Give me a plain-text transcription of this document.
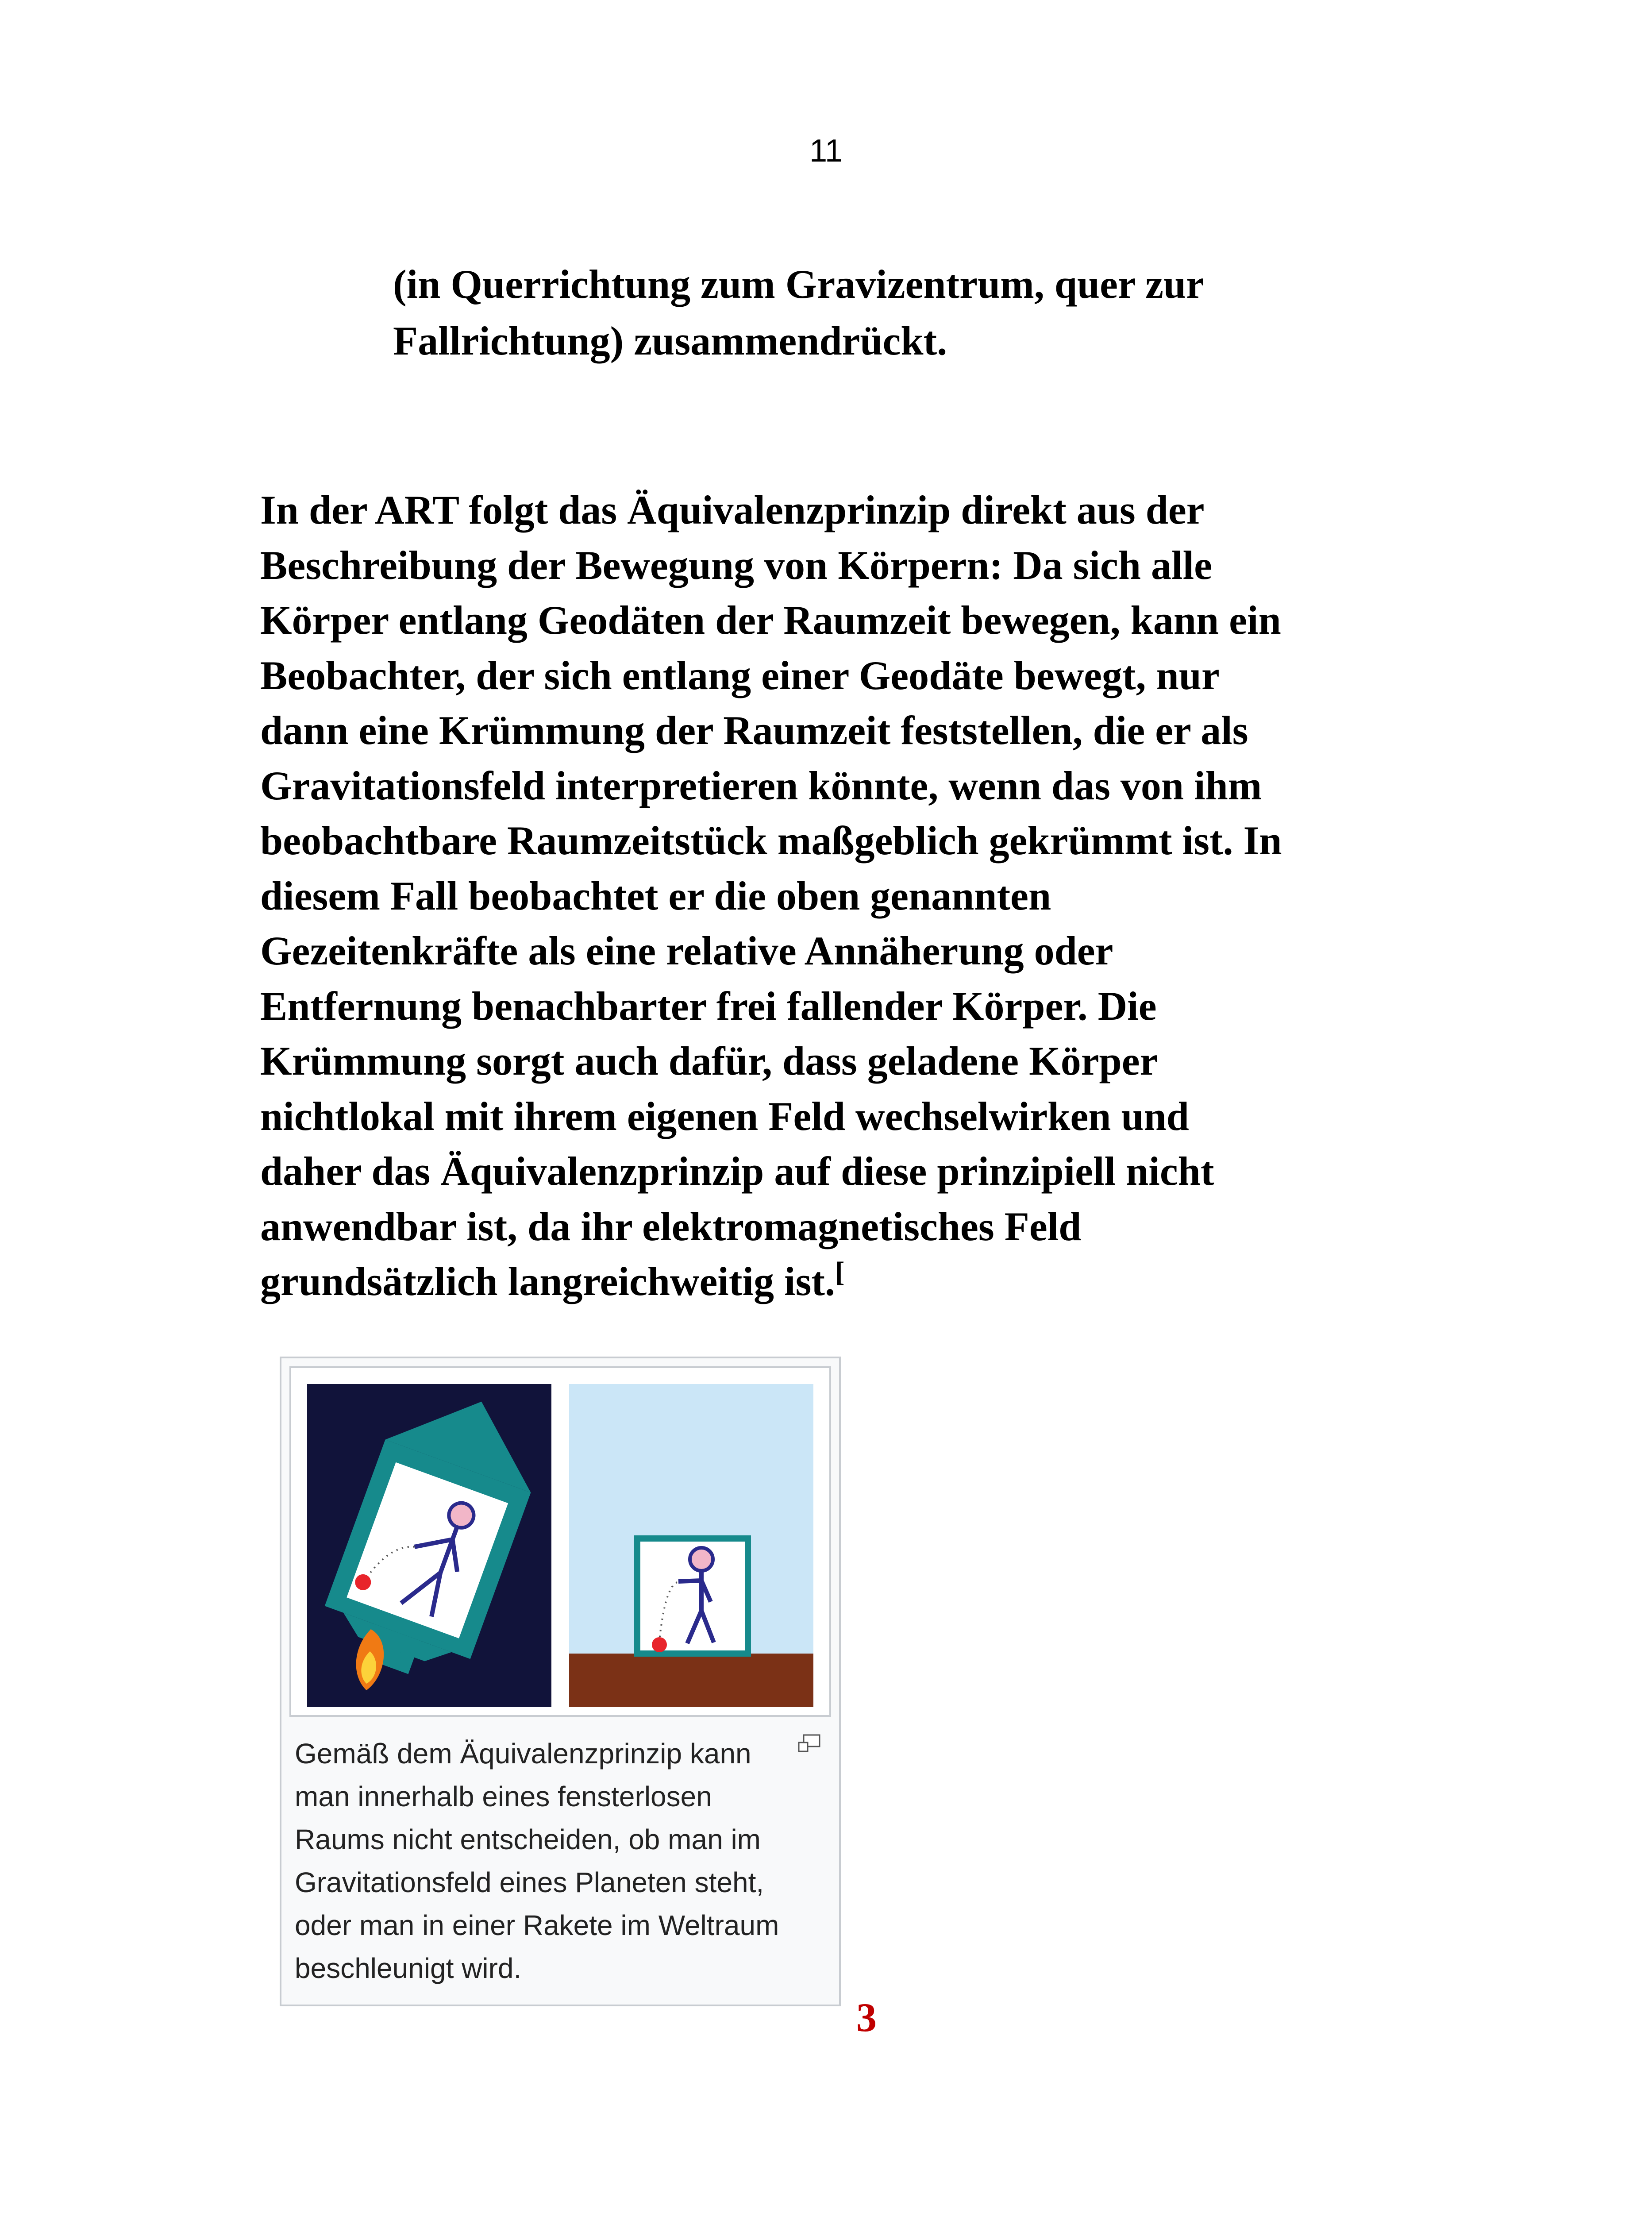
11
(in Querrichtung zum Gravizentrum, quer zur
Fallrichtung) zusammendrückt.
In der ART folgt das Äquivalenzprinzip direkt aus der
Beschreibung der Bewegung von Körpern: Da sich alle
Körper entlang Geodäten der Raumzeit bewegen, kann ein
Beobachter, der sich entlang einer Geodäte bewegt, nur
dann eine Krümmung der Raumzeit feststellen, die er als
Gravitationsfeld interpretieren könnte, wenn das von ihm
beobachtbare Raumzeitstück maßgeblich gekrümmt ist. In
diesem Fall beobachtet er die oben genannten
Gezeitenkräfte als eine relative Annäherung oder
Entfernung benachbarter frei fallender Körper. Die
Krümmung sorgt auch dafür, dass geladene Körper
nichtlokal mit ihrem eigenen Feld wechselwirken und
daher das Äquivalenzprinzip auf diese prinzipiell nicht
anwendbar ist, da ihr elektromagnetisches Feld
grundsätzlich langreichweitig ist.[
Gemäß dem Äquivalenzprinzip kann
man innerhalb eines fensterlosen
Raums nicht entscheiden, ob man im
Gravitationsfeld eines Planeten steht,
oder man in einer Rakete im Weltraum
beschleunigt wird.
3
